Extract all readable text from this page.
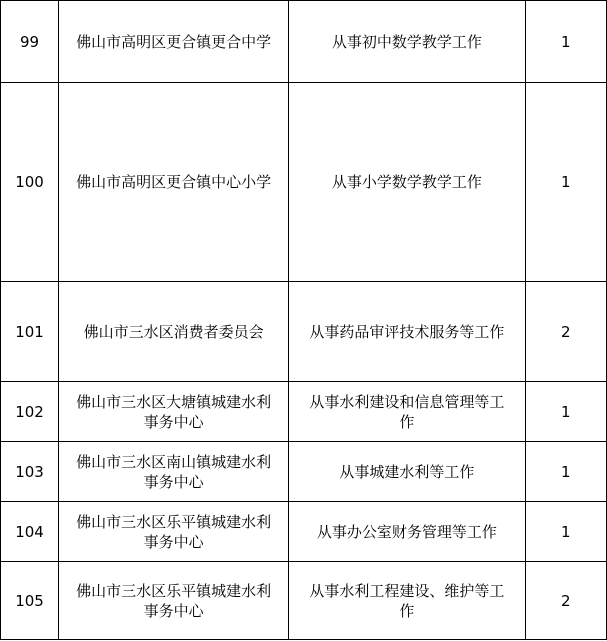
99	佛山市高明区更合镇更合中学	从事初中数学教学工作	1
100	佛山市高明区更合镇中心小学	从事小学数学教学工作	1
101	佛山市三水区消费者委员会	从事药品审评技术服务等工作	2
102	佛山市三水区大塘镇城建水利
事务中心	从事水利建设和信息管理等工
作	1
103	佛山市三水区南山镇城建水利
事务中心	从事城建水利等工作	1
104	佛山市三水区乐平镇城建水利
事务中心	从事办公室财务管理等工作	1
105	佛山市三水区乐平镇城建水利
事务中心	从事水利工程建设、维护等工
作	2
